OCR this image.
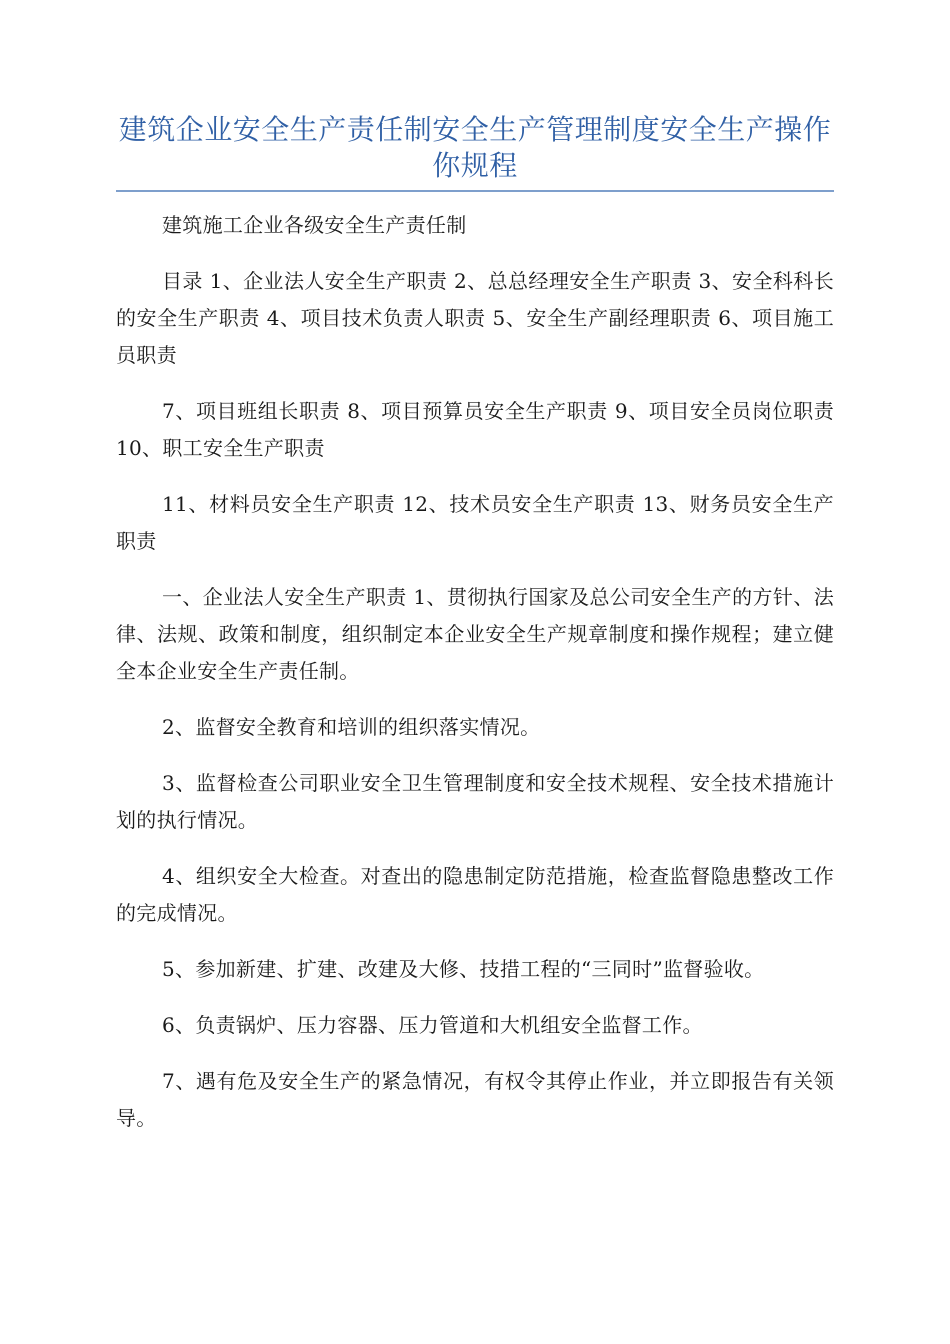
建筑企业安全生产责任制安全生产管理制度安全生产操作你规程

建筑施工企业各级安全生产责任制

目录 1、企业法人安全生产职责 2、总总经理安全生产职责 3、安全科科长的安全生产职责 4、项目技术负责人职责 5、安全生产副经理职责 6、项目施工员职责

7、项目班组长职责 8、项目预算员安全生产职责 9、项目安全员岗位职责 10、职工安全生产职责

11、材料员安全生产职责 12、技术员安全生产职责 13、财务员安全生产职责

一、企业法人安全生产职责 1、贯彻执行国家及总公司安全生产的方针、法律、法规、政策和制度，组织制定本企业安全生产规章制度和操作规程；建立健全本企业安全生产责任制。

2、监督安全教育和培训的组织落实情况。

3、监督检查公司职业安全卫生管理制度和安全技术规程、安全技术措施计划的执行情况。

4、组织安全大检查。对查出的隐患制定防范措施，检查监督隐患整改工作的完成情况。

5、参加新建、扩建、改建及大修、技措工程的“三同时”监督验收。

6、负责锅炉、压力容器、压力管道和大机组安全监督工作。

7、遇有危及安全生产的紧急情况，有权令其停止作业，并立即报告有关领导。
